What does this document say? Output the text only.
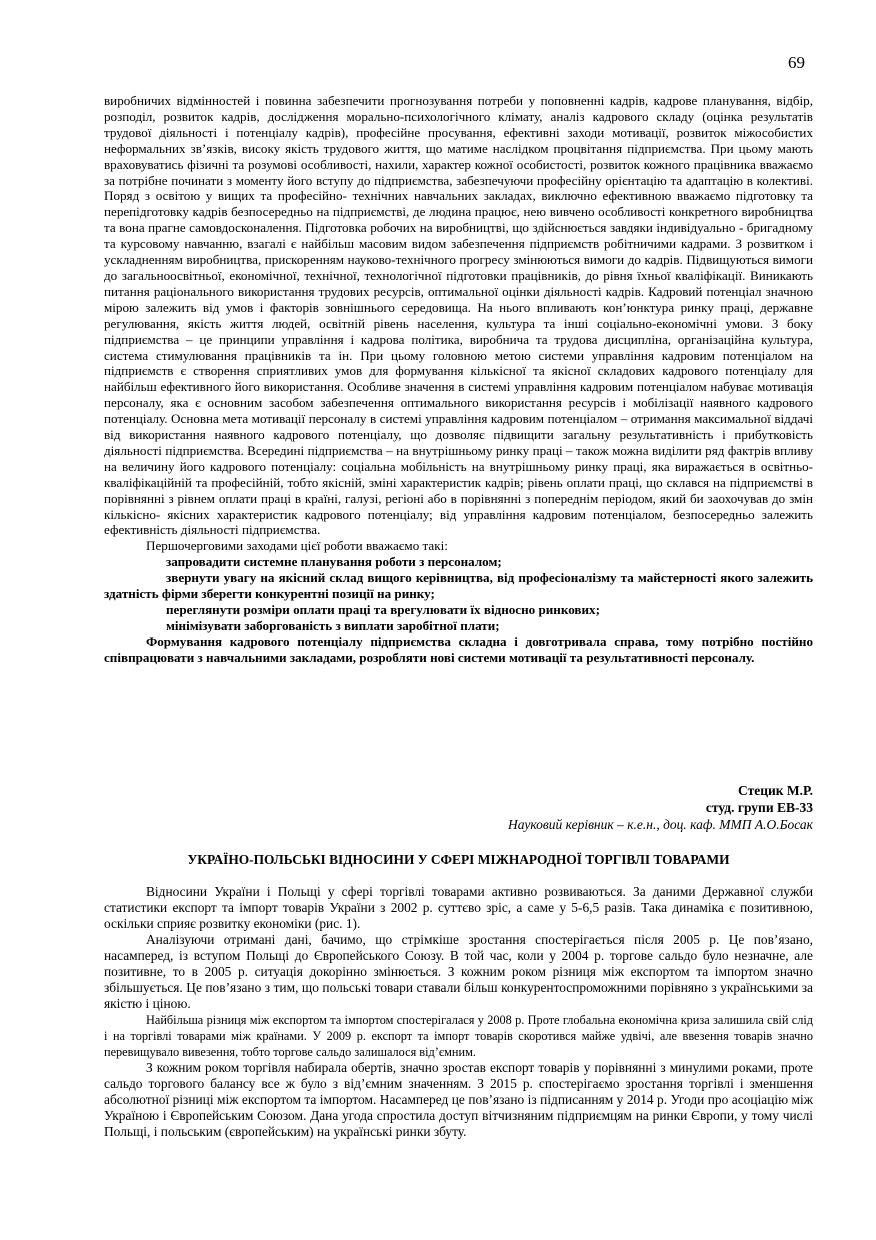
69

виробничих відмінностей і повинна забезпечити прогнозування потреби у поповненні кадрів, кадрове планування, відбір, розподіл, розвиток кадрів, дослідження морально-психологічного клімату, аналіз кадрового складу (оцінка результатів трудової діяльності і потенціалу кадрів), професійне просування, ефективні заходи мотивації, розвиток міжособистих неформальних зв’язків, високу якість трудового життя, що матиме наслідком процвітання підприємства. При цьому мають враховуватись фізичні та розумові особливості, нахили, характер кожної особистості, розвиток кожного працівника вважаємо за потрібне починати з моменту його вступу до підприємства, забезпечуючи професійну орієнтацію та адаптацію в колективі. Поряд з освітою у вищих та професійно- технічних навчальних закладах, виключно ефективною вважаємо підготовку та перепідготовку кадрів безпосередньо на підприємстві, де людина працює, нею вивчено особливості конкретного виробництва та вона прагне самовдосконалення. Підготовка робочих на виробництві, що здійснюється завдяки індивідуально - бригадному та курсовому навчанню, взагалі є найбільш масовим видом забезпечення підприємств робітничими кадрами. З розвитком і ускладненням виробництва, прискоренням науково-технічного прогресу змінюються вимоги до кадрів. Підвищуються вимоги до загальноосвітньої, економічної, технічної, технологічної підготовки працівників, до рівня їхньої кваліфікації. Виникають питання раціонального використання трудових ресурсів, оптимальної оцінки діяльності кадрів. Кадровий потенціал значною мірою залежить від умов і факторів зовнішнього середовища. На нього впливають кон’юнктура ринку праці, державне регулювання, якість життя людей, освітній рівень населення, культура та інші соціально-економічні умови. З боку підприємства – це принципи управління і кадрова політика, виробнича та трудова дисципліна, організаційна культура, система стимулювання працівників та ін. При цьому головною метою системи управління кадровим потенціалом на підприємств є створення сприятливих умов для формування кількісної та якісної складових кадрового потенціалу для найбільш ефективного його використання. Особливе значення в системі управління кадровим потенціалом набуває мотивація персоналу, яка є основним засобом забезпечення оптимального використання ресурсів і мобілізації наявного кадрового потенціалу. Основна мета мотивації персоналу в системі управління кадровим потенціалом – отримання максимальної віддачі від використання наявного кадрового потенціалу, що дозволяє підвищити загальну результативність і прибутковість діяльності підприємства. Всередині підприємства – на внутрішньому ринку праці – також можна виділити ряд фактрів впливу на величину його кадрового потенціалу: соціальна мобільність на внутрішньому ринку праці, яка виражається в освітньо-кваліфікаційній та професійній, тобто якісній, зміні характеристик кадрів; рівень оплати праці, що склався на підприємстві в порівнянні з рівнем оплати праці в країні, галузі, регіоні або в порівнянні з попереднім періодом, який би заохочував до змін кількісно- якісних характеристик кадрового потенціалу; від управління кадровим потенціалом, безпосередньо залежить ефективність діяльності підприємства.

Першочерговими заходами цієї роботи вважаємо такі:

запровадити системне планування роботи з персоналом;

звернути увагу на якісний склад вищого керівництва, від професіоналізму та майстерності якого залежить здатність фірми зберегти конкурентні позиції на ринку;

переглянути розміри оплати праці та врегулювати їх відносно ринкових;

мінімізувати заборгованість з виплати заробітної плати;

Формування кадрового потенціалу підприємства складна і довготривала справа, тому потрібно постійно співпрацювати з навчальними закладами, розробляти нові системи мотивації та результативності персоналу.

Стецик М.Р.
студ. групи ЕВ-33
Науковий керівник – к.е.н., доц. каф. ММП А.О.Босак
УКРАЇНО-ПОЛЬСЬКІ ВІДНОСИНИ У СФЕРІ МІЖНАРОДНОЇ ТОРГІВЛІ ТОВАРАМИ

Відносини України і Польщі у сфері торгівлі товарами активно розвиваються. За даними Державної служби статистики експорт та імпорт товарів України з 2002 р. суттєво зріс, а саме у 5-6,5 разів. Така динаміка є позитивною, оскільки сприяє розвитку економіки (рис. 1).

Аналізуючи отримані дані, бачимо, що стрімкіше зростання спостерігається після 2005 р. Це пов’язано, насамперед, із вступом Польщі до Європейського Союзу. В той час, коли у 2004 р. торгове сальдо було незначне, але позитивне, то в 2005 р. ситуація докорінно змінюється. З кожним роком різниця між експортом та імпортом значно збільшується. Це пов’язано з тим, що польські товари ставали більш конкурентоспроможними порівняно з українськими за якістю і ціною.

Найбільша різниця між експортом та імпортом спостерігалася у 2008 р. Проте глобальна економічна криза залишила свій слід і на торгівлі товарами між країнами. У 2009 р. експорт та імпорт товарів скоротився майже удвічі, але ввезення товарів значно перевищувало вивезення, тобто торгове сальдо залишалося від’ємним.

З кожним роком торгівля набирала обертів, значно зростав експорт товарів у порівнянні з минулими роками, проте сальдо торгового балансу все ж було з від’ємним значенням. З 2015 р. спостерігаємо зростання торгівлі і зменшення абсолютної різниці між експортом та імпортом. Насамперед це пов’язано із підписанням у 2014 р. Угоди про асоціацію між Україною і Європейським Союзом. Дана угода спростила доступ вітчизняним підприємцям на ринки Європи, у тому числі Польщі, і польським (європейським) на українські ринки збуту.
